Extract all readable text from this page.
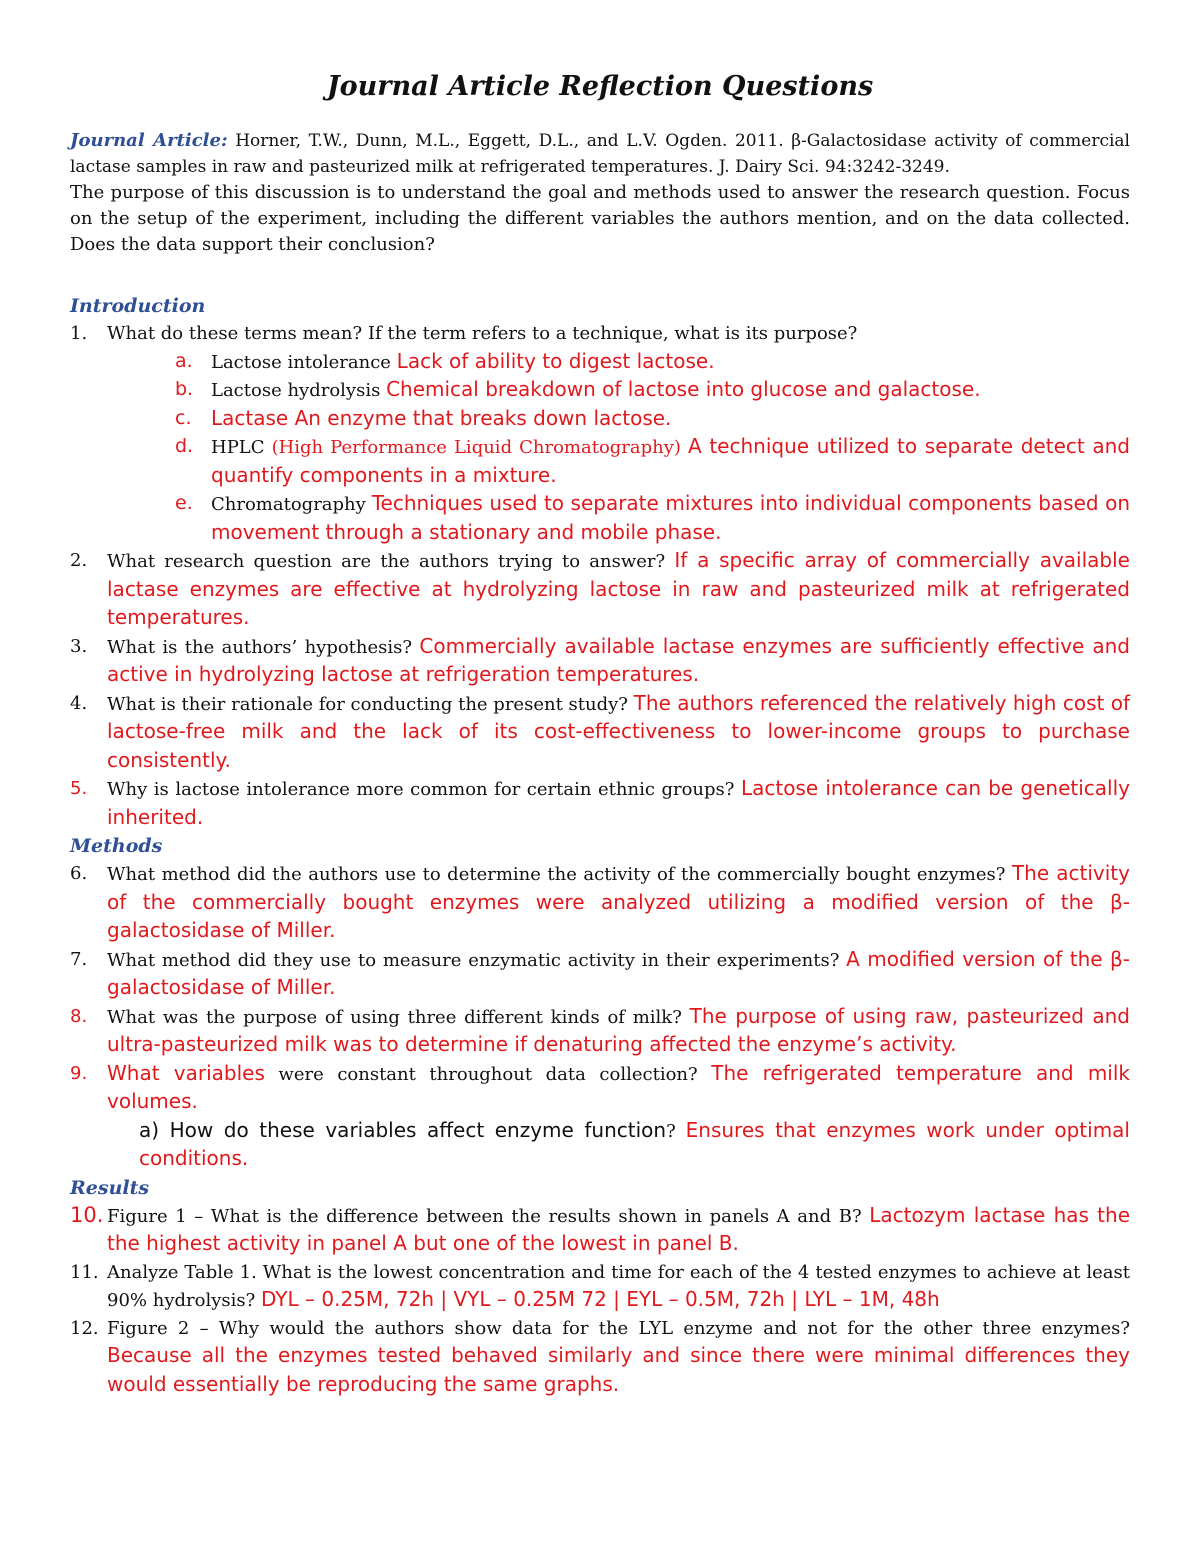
Journal Article Reflection Questions

Journal Article: Horner, T.W., Dunn, M.L., Eggett, D.L., and L.V. Ogden. 2011. β-Galactosidase activity of commercial lactase samples in raw and pasteurized milk at refrigerated temperatures. J. Dairy Sci. 94:3242-3249.
The purpose of this discussion is to understand the goal and methods used to answer the research question. Focus on the setup of the experiment, including the different variables the authors mention, and on the data collected. Does the data support their conclusion?

Introduction

1. What do these terms mean? If the term refers to a technique, what is its purpose?
a. Lactose intolerance Lack of ability to digest lactose.
b. Lactose hydrolysis Chemical breakdown of lactose into glucose and galactose.
c. Lactase An enzyme that breaks down lactose.
d. HPLC (High Performance Liquid Chromatography) A technique utilized to separate detect and quantify components in a mixture.
e. Chromatography Techniques used to separate mixtures into individual components based on movement through a stationary and mobile phase.
2. What research question are the authors trying to answer? If a specific array of commercially available lactase enzymes are effective at hydrolyzing lactose in raw and pasteurized milk at refrigerated temperatures.
3. What is the authors’ hypothesis? Commercially available lactase enzymes are sufficiently effective and active in hydrolyzing lactose at refrigeration temperatures.
4. What is their rationale for conducting the present study? The authors referenced the relatively high cost of lactose-free milk and the lack of its cost-effectiveness to lower-income groups to purchase consistently.
5. Why is lactose intolerance more common for certain ethnic groups? Lactose intolerance can be genetically inherited.

Methods

6. What method did the authors use to determine the activity of the commercially bought enzymes? The activity of the commercially bought enzymes were analyzed utilizing a modified version of the β-galactosidase of Miller.
7. What method did they use to measure enzymatic activity in their experiments? A modified version of the β-galactosidase of Miller.
8. What was the purpose of using three different kinds of milk? The purpose of using raw, pasteurized and ultra-pasteurized milk was to determine if denaturing affected the enzyme’s activity.
9. What variables were constant throughout data collection? The refrigerated temperature and milk volumes.
a) How do these variables affect enzyme function? Ensures that enzymes work under optimal conditions.

Results

10. Figure 1 – What is the difference between the results shown in panels A and B? Lactozym lactase has the the highest activity in panel A but one of the lowest in panel B.
11. Analyze Table 1. What is the lowest concentration and time for each of the 4 tested enzymes to achieve at least 90% hydrolysis? DYL – 0.25M, 72h | VYL – 0.25M 72 | EYL – 0.5M, 72h | LYL – 1M, 48h
12. Figure 2 – Why would the authors show data for the LYL enzyme and not for the other three enzymes? Because all the enzymes tested behaved similarly and since there were minimal differences they would essentially be reproducing the same graphs.
